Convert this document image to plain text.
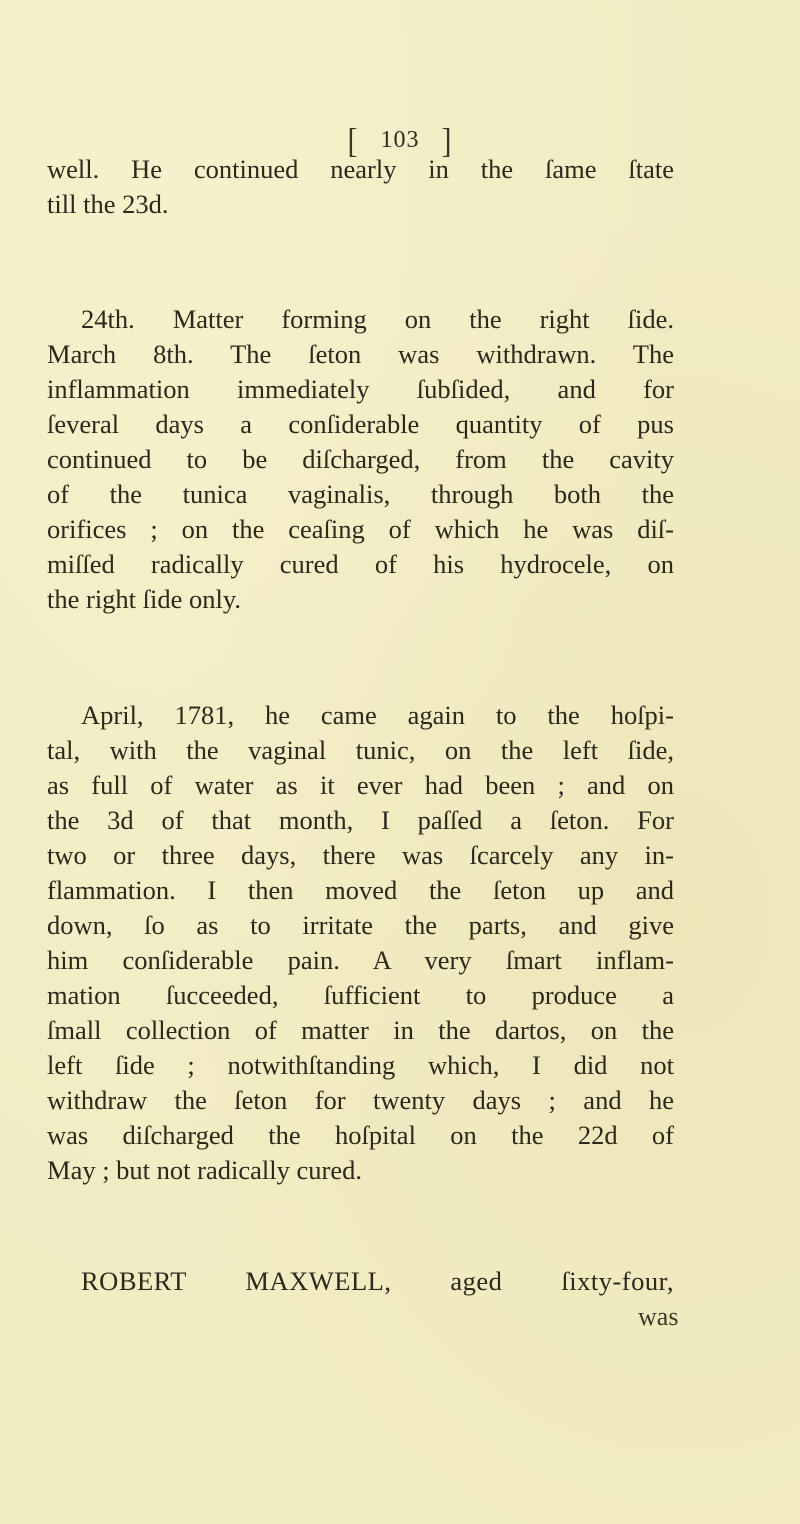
[ 103 ]
well. He continued nearly in the ſame ſtate
till the 23d.
24th. Matter forming on the right ſide.
March 8th. The ſeton was withdrawn. The
inflammation immediately ſubſided, and for
ſeveral days a conſiderable quantity of pus
continued to be diſcharged, from the cavity
of the tunica vaginalis, through both the
orifices ; on the ceaſing of which he was diſ-
miſſed radically cured of his hydrocele, on
the right ſide only.
April, 1781, he came again to the hoſpi-
tal, with the vaginal tunic, on the left ſide,
as full of water as it ever had been ; and on
the 3d of that month, I paſſed a ſeton. For
two or three days, there was ſcarcely any in-
flammation. I then moved the ſeton up and
down, ſo as to irritate the parts, and give
him conſiderable pain. A very ſmart inflam-
mation ſucceeded, ſufficient to produce a
ſmall collection of matter in the dartos, on the
left ſide ; notwithſtanding which, I did not
withdraw the ſeton for twenty days ; and he
was diſcharged the hoſpital on the 22d of
May ; but not radically cured.
ROBERT MAXWELL, aged ſixty-four,
was
